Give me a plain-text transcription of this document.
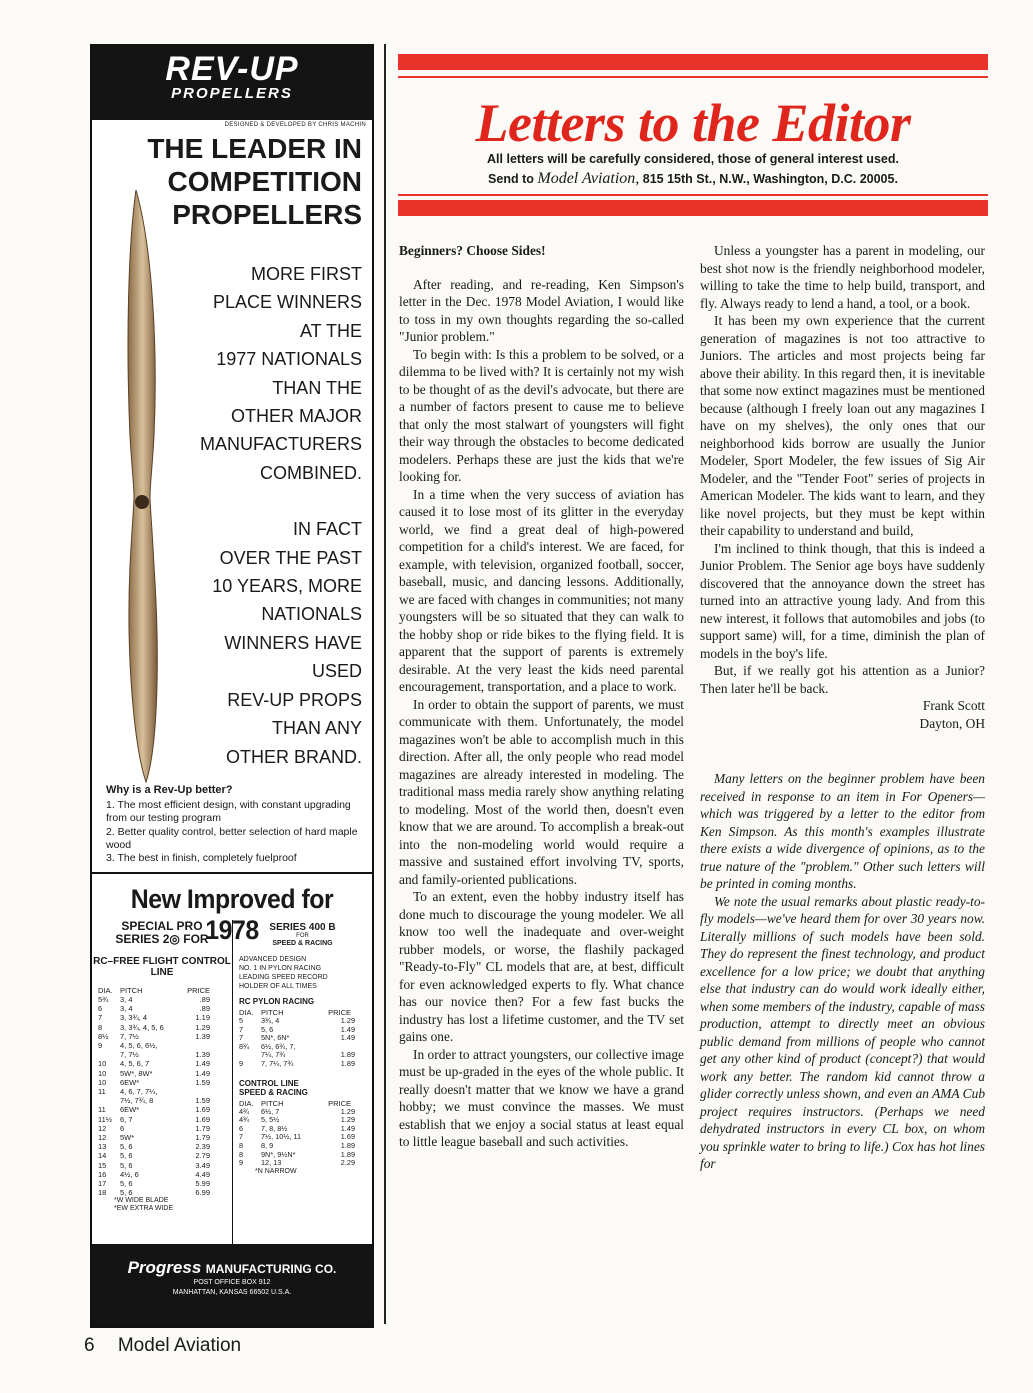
REV-UP
PROPELLERS
DESIGNED & DEVELOPED BY CHRIS MACHIN
THE LEADER IN
COMPETITION
PROPELLERS
MORE FIRST
PLACE WINNERS
AT THE
1977 NATIONALS
THAN THE
OTHER MAJOR
MANUFACTURERS
COMBINED.
IN FACT
OVER THE PAST
10 YEARS, MORE
NATIONALS
WINNERS HAVE
USED
REV-UP PROPS
THAN ANY
OTHER BRAND.
Why is a Rev-Up better?
1. The most efficient design, with constant upgrading from our testing program
2. Better quality control, better selection of hard maple wood
3. The best in finish, completely fuelproof
New Improved for 1978
SPECIAL PRO
SERIES 2◎ FOR
RC–FREE FLIGHT CONTROL LINE
DIA. PITCH	PRICE
5¾	3, 4	.89
6	3, 4	.89
7	3, 3¾, 4	1.19
8	3, 3¾, 4, 5, 6	1.29
8½	7, 7½	1.39
9	4, 5, 6, 6½,
7, 7½	1.39
10	4, 5, 6, 7	1.49
10	5W*, 8W*	1.49
10	6EW*	1.59
11	4, 6, 7, 7¼,
7½, 7¾, 8	1.59
11	6EW*	1.69
11½	6, 7	1.69
12	6	1.79
12	5W*	1.79
13	5, 6	2.39
14	5, 6	2.79
15	5, 6	3.49
16	4½, 6	4.49
17	5, 6	5.99
18	5, 6	6.99
*W WIDE BLADE
*EW EXTRA WIDE
SERIES 400 B
FOR
SPEED & RACING
ADVANCED DESIGN
NO. 1 IN PYLON RACING
LEADING SPEED RECORD
HOLDER OF ALL TIMES
RC PYLON RACING
DIA. PITCH	PRICE
5	3¾, 4	1.29
7	5, 6	1.49
7	5N*, 6N*	1.49
8¾	6½, 6¾, 7,
7¼, 7¾	1.89
9	7, 7¼, 7¾	1.89
CONTROL LINE
SPEED & RACING
DIA. PITCH	PRICE
4¾	6½, 7	1.29
4¾	5, 5½	1.29
6	7, 8, 8½	1.49
7	7½, 10½, 11	1.69
8	8, 9	1.89
8	9N*, 9½N*	1.89
9	12, 13	2.29
*N NARROW
Progress MANUFACTURING CO.
POST OFFICE BOX 912
MANHATTAN, KANSAS 66502 U.S.A.
Letters to the Editor
All letters will be carefully considered, those of general interest used.
Send to Model Aviation, 815 15th St., N.W., Washington, D.C. 20005.
Beginners? Choose Sides!

After reading, and re-reading, Ken Simpson's letter in the Dec. 1978 Model Aviation, I would like to toss in my own thoughts regarding the so-called "Junior problem."

To begin with: Is this a problem to be solved, or a dilemma to be lived with? It is certainly not my wish to be thought of as the devil's advocate, but there are a number of factors present to cause me to believe that only the most stalwart of youngsters will fight their way through the obstacles to become dedicated modelers. Perhaps these are just the kids that we're looking for.

In a time when the very success of aviation has caused it to lose most of its glitter in the everyday world, we find a great deal of high-powered competition for a child's interest. We are faced, for example, with television, organized football, soccer, baseball, music, and dancing lessons. Additionally, we are faced with changes in communities; not many youngsters will be so situated that they can walk to the hobby shop or ride bikes to the flying field. It is apparent that the support of parents is extremely desirable. At the very least the kids need parental encouragement, transportation, and a place to work.

In order to obtain the support of parents, we must communicate with them. Unfortunately, the model magazines won't be able to accomplish much in this direction. After all, the only people who read model magazines are already interested in modeling. The traditional mass media rarely show anything relating to modeling. Most of the world then, doesn't even know that we are around. To accomplish a break-out into the non-modeling world would require a massive and sustained effort involving TV, sports, and family-oriented publications.

To an extent, even the hobby industry itself has done much to discourage the young modeler. We all know too well the inadequate and over-weight rubber models, or worse, the flashily packaged "Ready-to-Fly" CL models that are, at best, difficult for even acknowledged experts to fly. What chance has our novice then? For a few fast bucks the industry has lost a lifetime customer, and the TV set gains one.

In order to attract youngsters, our collective image must be up-graded in the eyes of the whole public. It really doesn't matter that we know we have a grand hobby; we must convince the masses. We must establish that we enjoy a social status at least equal to little league baseball and such activities.

Unless a youngster has a parent in modeling, our best shot now is the friendly neighborhood modeler, willing to take the time to help build, transport, and fly. Always ready to lend a hand, a tool, or a book.

It has been my own experience that the current generation of magazines is not too attractive to Juniors. The articles and most projects being far above their ability. In this regard then, it is inevitable that some now extinct magazines must be mentioned because (although I freely loan out any magazines I have on my shelves), the only ones that our neighborhood kids borrow are usually the Junior Modeler, Sport Modeler, the few issues of Sig Air Modeler, and the "Tender Foot" series of projects in American Modeler. The kids want to learn, and they like novel projects, but they must be kept within their capability to understand and build,

I'm inclined to think though, that this is indeed a Junior Problem. The Senior age boys have suddenly discovered that the annoyance down the street has turned into an attractive young lady. And from this new interest, it follows that automobiles and jobs (to support same) will, for a time, diminish the plan of models in the boy's life.

But, if we really got his attention as a Junior? Then later he'll be back.

Frank Scott

Dayton, OH

Many letters on the beginner problem have been received in response to an item in For Openers—which was triggered by a letter to the editor from Ken Simpson. As this month's examples illustrate there exists a wide divergence of opinions, as to the true nature of the "problem." Other such letters will be printed in coming months.

We note the usual remarks about plastic ready-to-fly models—we've heard them for over 30 years now. Literally millions of such models have been sold. They do represent the finest technology, and product excellence for a low price; we doubt that anything else that industry can do would work ideally either, when some members of the industry, capable of mass production, attempt to directly meet an obvious public demand from millions of people who cannot get any other kind of product (concept?) that would work any better. The random kid cannot throw a glider correctly unless shown, and even an AMA Cub project requires instructors. (Perhaps we need dehydrated instructors in every CL box, on whom you sprinkle water to bring to life.) Cox has hot lines for

6 Model Aviation
